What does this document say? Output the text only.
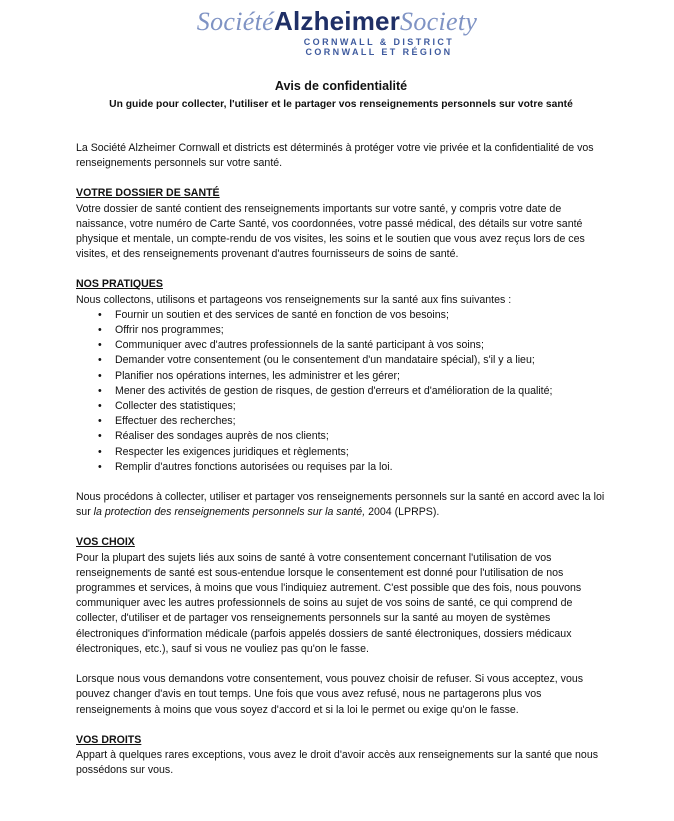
SociétéAlzheimerSociety
CORNWALL & DISTRICT
CORNWALL ET RÉGION
Avis de confidentialité

Un guide pour collecter, l'utiliser et le partager vos renseignements personnels sur votre santé

La Société Alzheimer Cornwall et districts est déterminés à protéger votre vie privée et la confidentialité de vos renseignements personnels sur votre santé.

VOTRE DOSSIER DE SANTÉ

Votre dossier de santé contient des renseignements importants sur votre santé, y compris votre date de naissance, votre numéro de Carte Santé, vos coordonnées, votre passé médical, des détails sur votre santé physique et mentale, un compte-rendu de vos visites, les soins et le soutien que vous avez reçus lors de ces visites, et des renseignements provenant d'autres fournisseurs de soins de santé.

NOS PRATIQUES

Nous collectons, utilisons et partageons vos renseignements sur la santé aux fins suivantes :

• Fournir un soutien et des services de santé en fonction de vos besoins;
• Offrir nos programmes;
• Communiquer avec d'autres professionnels de la santé participant à vos soins;
• Demander votre consentement (ou le consentement d'un mandataire spécial), s'il y a lieu;
• Planifier nos opérations internes, les administrer et les gérer;
• Mener des activités de gestion de risques, de gestion d'erreurs et d'amélioration de la qualité;
• Collecter des statistiques;
• Effectuer des recherches;
• Réaliser des sondages auprès de nos clients;
• Respecter les exigences juridiques et règlements;
• Remplir d'autres fonctions autorisées ou requises par la loi.

Nous procédons à collecter, utiliser et partager vos renseignements personnels sur la santé en accord avec la loi sur la protection des renseignements personnels sur la santé, 2004 (LPRPS).

VOS CHOIX

Pour la plupart des sujets liés aux soins de santé à votre consentement concernant l'utilisation de vos renseignements de santé est sous-entendue lorsque le consentement est donné pour l'utilisation de nos programmes et services, à moins que vous l'indiquiez autrement. C'est possible que des fois, nous pouvons communiquer avec les autres professionnels de soins au sujet de vos soins de santé, ce qui comprend de collecter, d'utiliser et de partager vos renseignements personnels sur la santé au moyen de systèmes électroniques d'information médicale (parfois appelés dossiers de santé électroniques, dossiers médicaux électroniques, etc.), sauf si vous ne vouliez pas qu'on le fasse.

Lorsque nous vous demandons votre consentement, vous pouvez choisir de refuser. Si vous acceptez, vous pouvez changer d'avis en tout temps. Une fois que vous avez refusé, nous ne partagerons plus vos renseignements à moins que vous soyez d'accord et si la loi le permet ou exige qu'on le fasse.

VOS DROITS

Appart à quelques rares exceptions, vous avez le droit d'avoir accès aux renseignements sur la santé que nous possédons sur vous.
